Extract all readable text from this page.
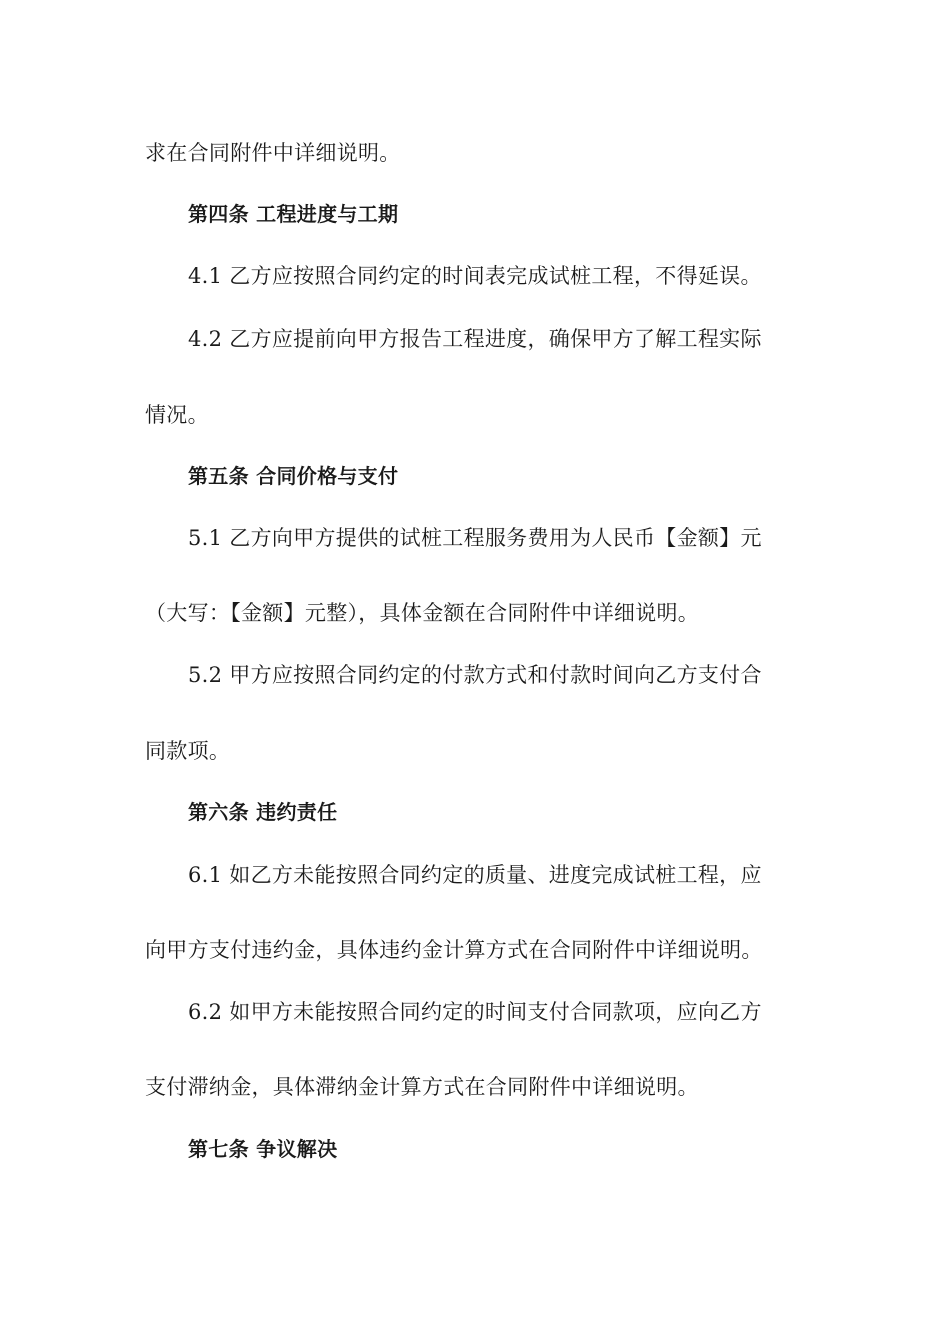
求在合同附件中详细说明。
第四条 工程进度与工期
4.1 乙方应按照合同约定的时间表完成试桩工程，不得延误。
4.2 乙方应提前向甲方报告工程进度，确保甲方了解工程实际
情况。
第五条 合同价格与支付
5.1 乙方向甲方提供的试桩工程服务费用为人民币【金额】元
（大写：【金额】元整），具体金额在合同附件中详细说明。
5.2 甲方应按照合同约定的付款方式和付款时间向乙方支付合
同款项。
第六条 违约责任
6.1 如乙方未能按照合同约定的质量、进度完成试桩工程，应
向甲方支付违约金，具体违约金计算方式在合同附件中详细说明。
6.2 如甲方未能按照合同约定的时间支付合同款项，应向乙方
支付滞纳金，具体滞纳金计算方式在合同附件中详细说明。
第七条 争议解决
